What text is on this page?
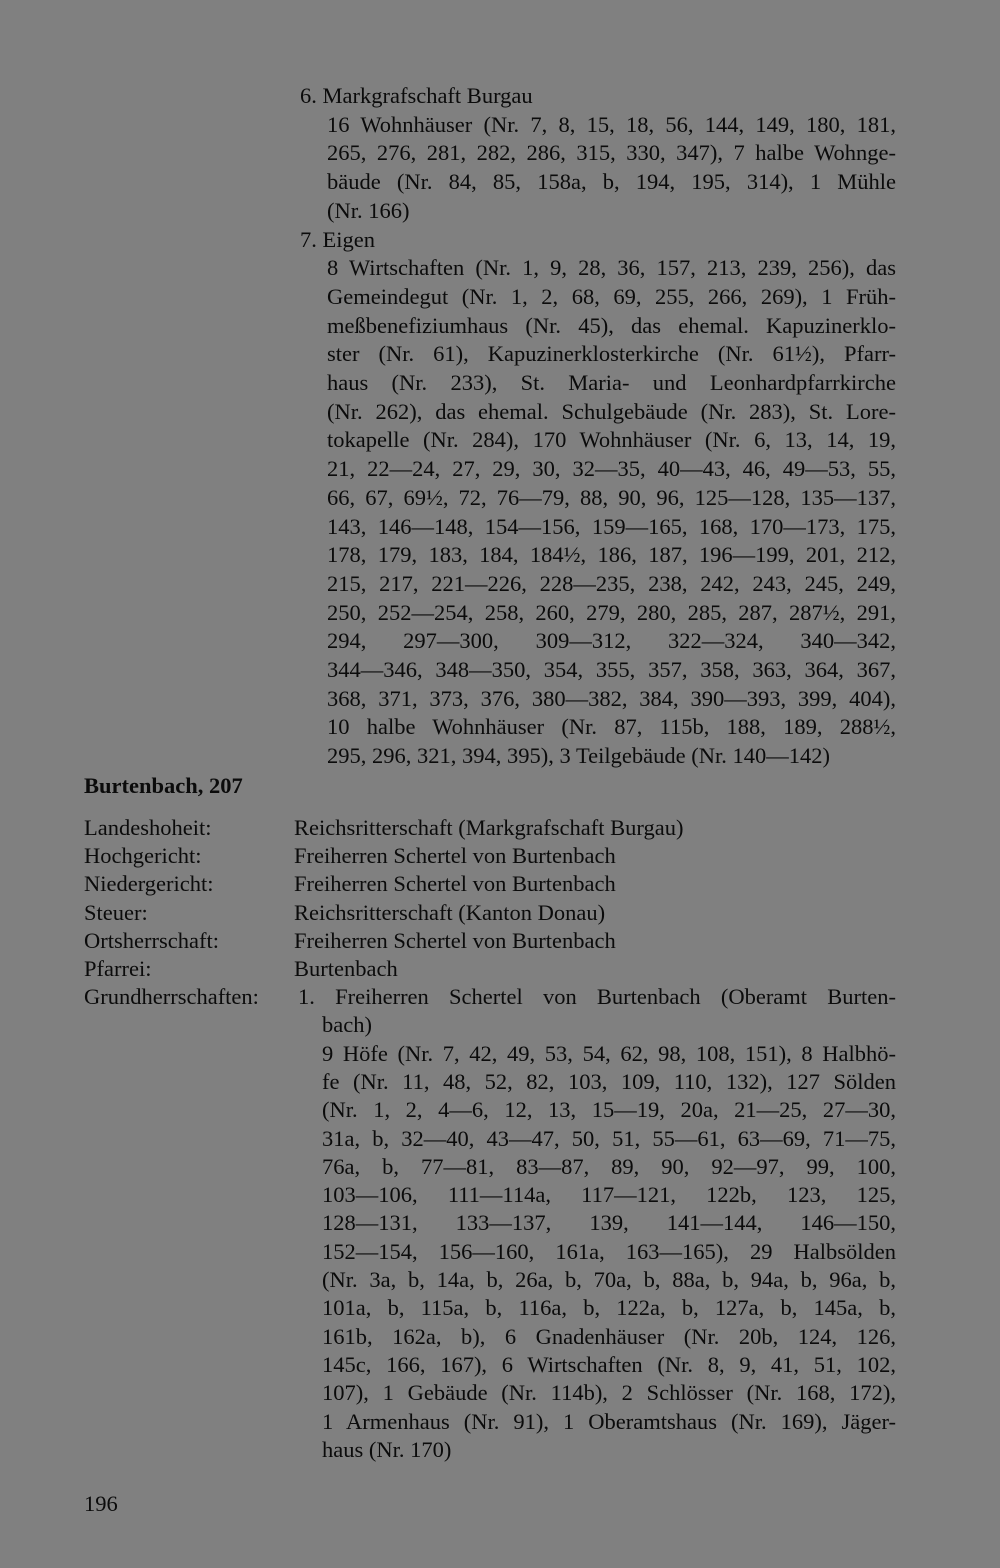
6. Markgrafschaft Burgau
16 Wohnhäuser (Nr. 7, 8, 15, 18, 56, 144, 149, 180, 181,
265, 276, 281, 282, 286, 315, 330, 347), 7 halbe Wohnge-
bäude (Nr. 84, 85, 158a, b, 194, 195, 314), 1 Mühle
(Nr. 166)
7. Eigen
8 Wirtschaften (Nr. 1, 9, 28, 36, 157, 213, 239, 256), das
Gemeindegut (Nr. 1, 2, 68, 69, 255, 266, 269), 1 Früh-
meßbenefiziumhaus (Nr. 45), das ehemal. Kapuzinerklo-
ster (Nr. 61), Kapuzinerklosterkirche (Nr. 61½), Pfarr-
haus (Nr. 233), St. Maria- und Leonhardpfarrkirche
(Nr. 262), das ehemal. Schulgebäude (Nr. 283), St. Lore-
tokapelle (Nr. 284), 170 Wohnhäuser (Nr. 6, 13, 14, 19,
21, 22—24, 27, 29, 30, 32—35, 40—43, 46, 49—53, 55,
66, 67, 69½, 72, 76—79, 88, 90, 96, 125—128, 135—137,
143, 146—148, 154—156, 159—165, 168, 170—173, 175,
178, 179, 183, 184, 184½, 186, 187, 196—199, 201, 212,
215, 217, 221—226, 228—235, 238, 242, 243, 245, 249,
250, 252—254, 258, 260, 279, 280, 285, 287, 287½, 291,
294, 297—300, 309—312, 322—324, 340—342,
344—346, 348—350, 354, 355, 357, 358, 363, 364, 367,
368, 371, 373, 376, 380—382, 384, 390—393, 399, 404),
10 halbe Wohnhäuser (Nr. 87, 115b, 188, 189, 288½,
295, 296, 321, 394, 395), 3 Teilgebäude (Nr. 140—142)
Burtenbach, 207
Landeshoheit:	Reichsritterschaft (Markgrafschaft Burgau)
Hochgericht:	Freiherren Schertel von Burtenbach
Niedergericht:	Freiherren Schertel von Burtenbach
Steuer:	Reichsritterschaft (Kanton Donau)
Ortsherrschaft:	Freiherren Schertel von Burtenbach
Pfarrei:	Burtenbach
Grundherrschaften: 1. Freiherren Schertel von Burtenbach (Oberamt Burten-
bach)
9 Höfe (Nr. 7, 42, 49, 53, 54, 62, 98, 108, 151), 8 Halbhö-
fe (Nr. 11, 48, 52, 82, 103, 109, 110, 132), 127 Sölden
(Nr. 1, 2, 4—6, 12, 13, 15—19, 20a, 21—25, 27—30,
31a, b, 32—40, 43—47, 50, 51, 55—61, 63—69, 71—75,
76a, b, 77—81, 83—87, 89, 90, 92—97, 99, 100,
103—106, 111—114a, 117—121, 122b, 123, 125,
128—131, 133—137, 139, 141—144, 146—150,
152—154, 156—160, 161a, 163—165), 29 Halbsölden
(Nr. 3a, b, 14a, b, 26a, b, 70a, b, 88a, b, 94a, b, 96a, b,
101a, b, 115a, b, 116a, b, 122a, b, 127a, b, 145a, b,
161b, 162a, b), 6 Gnadenhäuser (Nr. 20b, 124, 126,
145c, 166, 167), 6 Wirtschaften (Nr. 8, 9, 41, 51, 102,
107), 1 Gebäude (Nr. 114b), 2 Schlösser (Nr. 168, 172),
1 Armenhaus (Nr. 91), 1 Oberamtshaus (Nr. 169), Jäger-
haus (Nr. 170)
196
